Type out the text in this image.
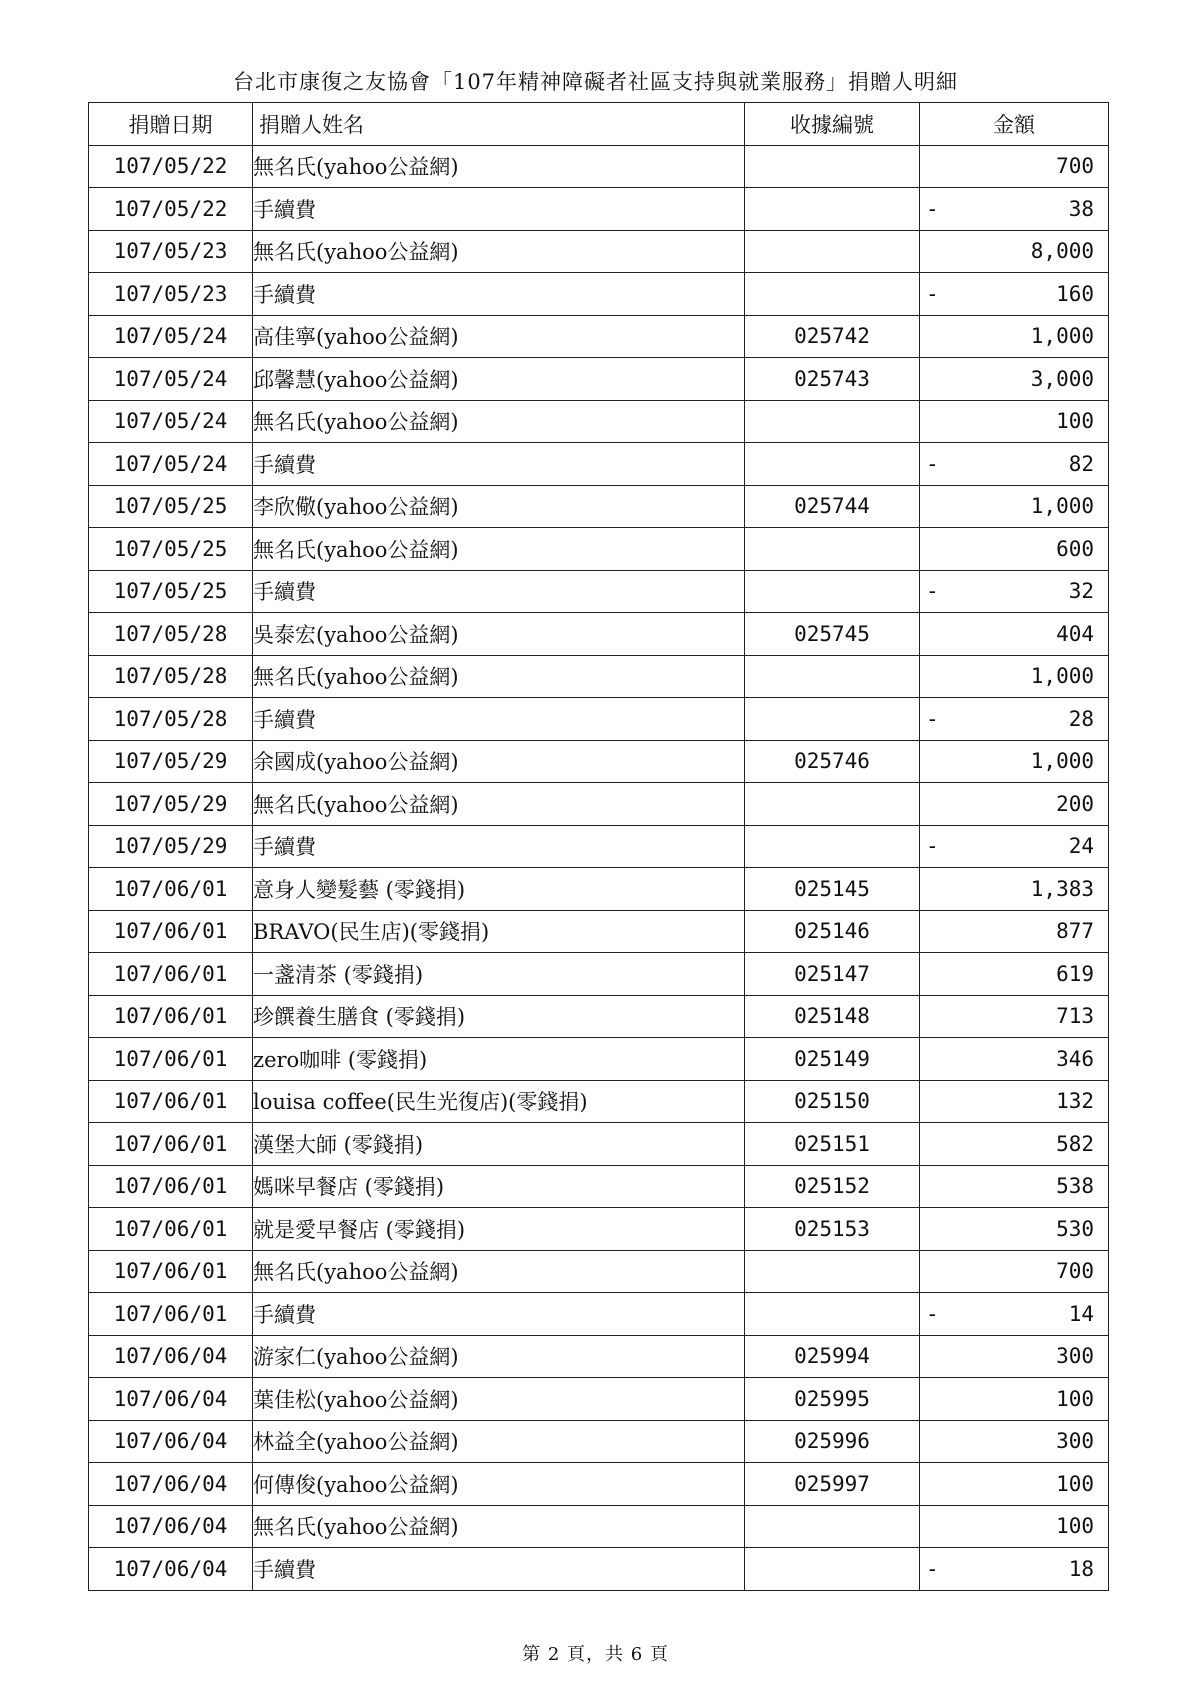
台北市康復之友協會「107年精神障礙者社區支持與就業服務」捐贈人明細
捐贈日期	捐贈人姓名	收據編號	金額
107/05/22	無名氏(yahoo公益網)		700

107/05/22	手續費		- 38

107/05/23	無名氏(yahoo公益網)		8,000

107/05/23	手續費		- 160

107/05/24	高佳寧(yahoo公益網)	025742	1,000

107/05/24	邱馨慧(yahoo公益網)	025743	3,000

107/05/24	無名氏(yahoo公益網)		100

107/05/24	手續費		- 82

107/05/25	李欣儆(yahoo公益網)	025744	1,000

107/05/25	無名氏(yahoo公益網)		600

107/05/25	手續費		- 32

107/05/28	吳泰宏(yahoo公益網)	025745	404

107/05/28	無名氏(yahoo公益網)		1,000

107/05/28	手續費		- 28

107/05/29	余國成(yahoo公益網)	025746	1,000

107/05/29	無名氏(yahoo公益網)		200

107/05/29	手續費		- 24

107/06/01	意身人變髮藝 (零錢捐)	025145	1,383

107/06/01	BRAVO(民生店)(零錢捐)	025146	877

107/06/01	一盞清茶 (零錢捐)	025147	619

107/06/01	珍饌養生膳食 (零錢捐)	025148	713

107/06/01	zero咖啡 (零錢捐)	025149	346

107/06/01	louisa coffee(民生光復店)(零錢捐)	025150	132

107/06/01	漢堡大師 (零錢捐)	025151	582

107/06/01	媽咪早餐店 (零錢捐)	025152	538

107/06/01	就是愛早餐店 (零錢捐)	025153	530

107/06/01	無名氏(yahoo公益網)		700

107/06/01	手續費		- 14

107/06/04	游家仁(yahoo公益網)	025994	300

107/06/04	葉佳松(yahoo公益網)	025995	100

107/06/04	林益全(yahoo公益網)	025996	300

107/06/04	何傳俊(yahoo公益網)	025997	100

107/06/04	無名氏(yahoo公益網)		100

107/06/04	手續費		- 18
第 2 頁，共 6 頁
